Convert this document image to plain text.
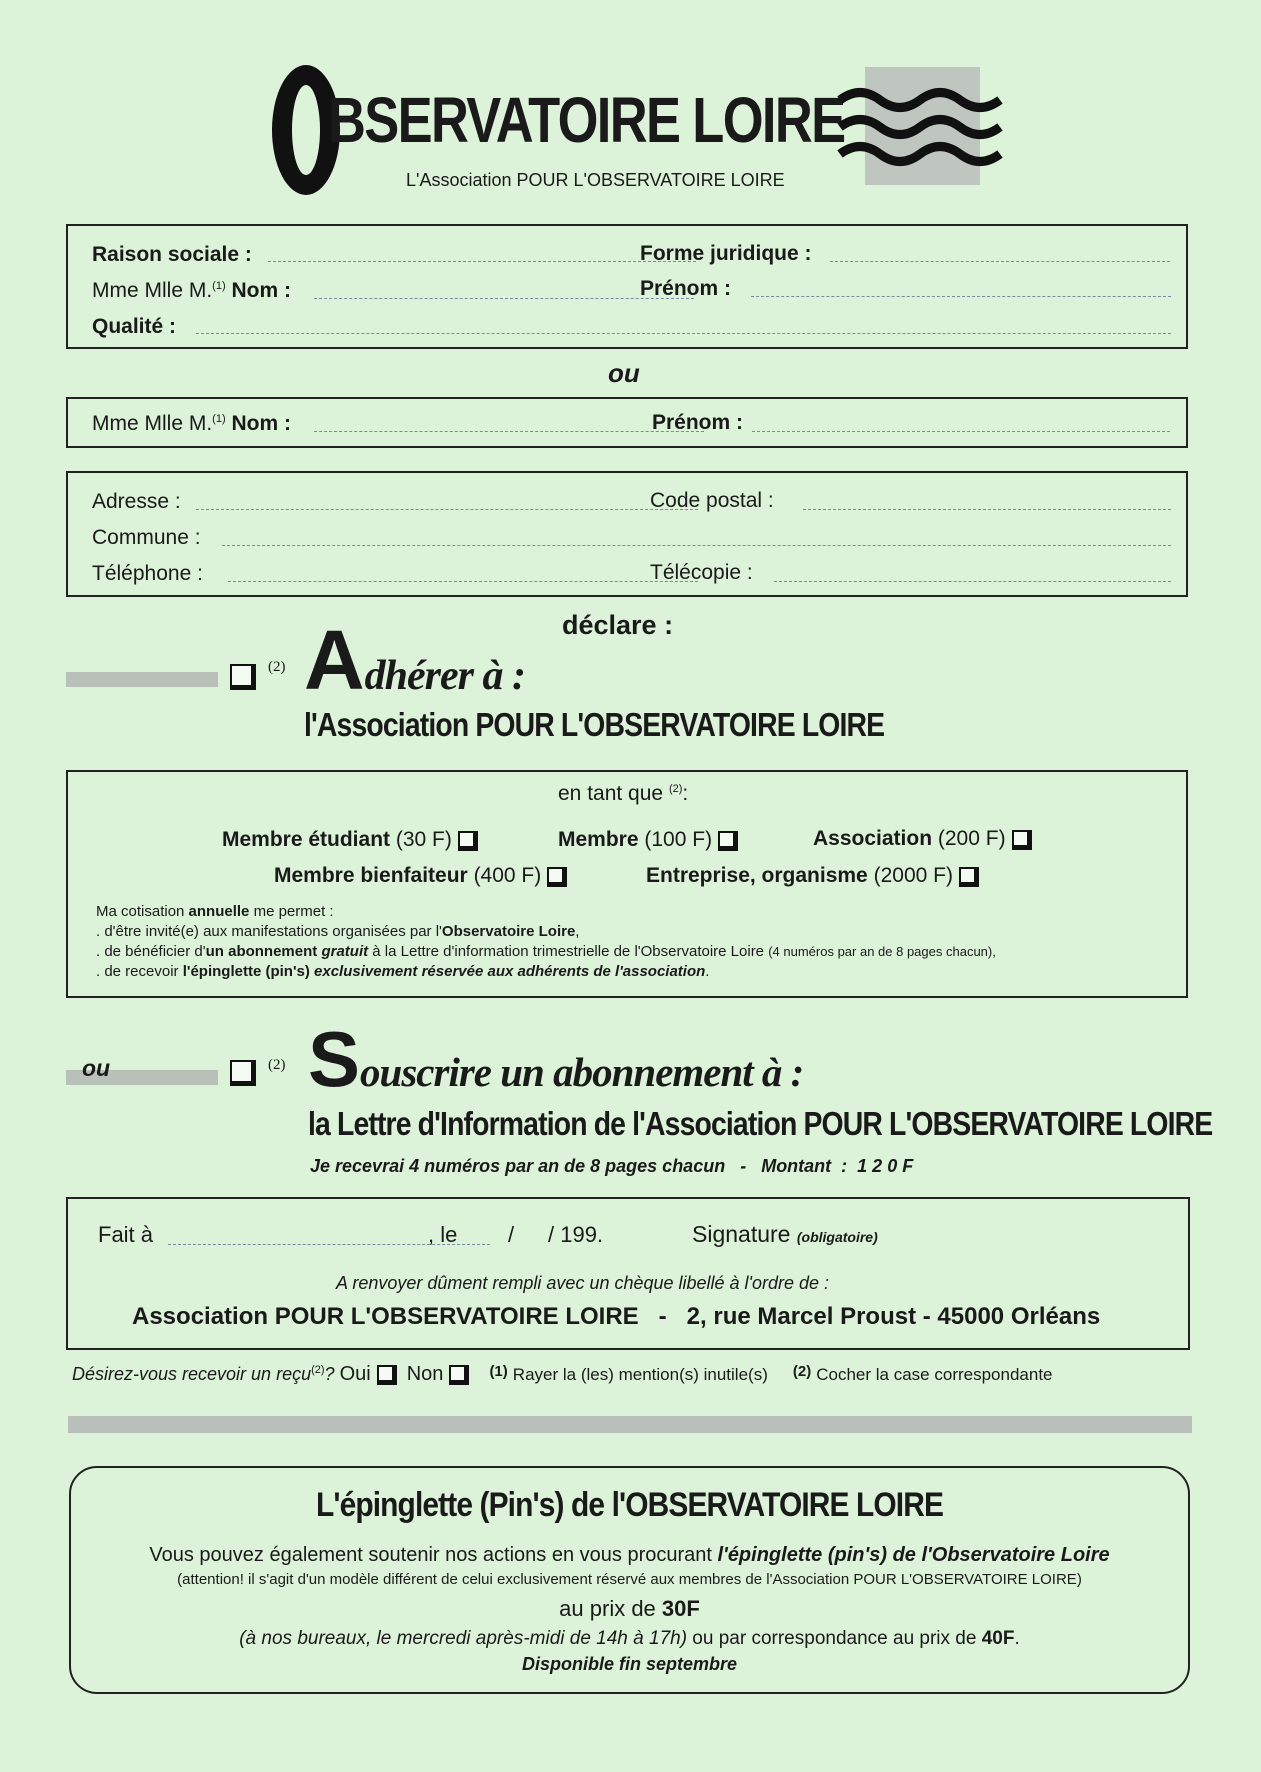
BSERVATOIRE LOIRE
L'Association POUR L'OBSERVATOIRE LOIRE
Raison sociale :	Forme juridique :
Mme Mlle M.$^{(1)}$ Nom :	Prénom :
Qualité :
ou
Mme Mlle M.$^{(1)}$ Nom :	Prénom :
Adresse :	Code postal :
Commune :
Téléphone :	Télécopie :
déclare :
(2) Adhérer à :
l'Association POUR L'OBSERVATOIRE LOIRE
en tant que $^{(2)}$:
Membre étudiant (30 F)	Membre (100 F)	Association (200 F)
Membre bienfaiteur (400 F)	Entreprise, organisme (2000 F)
Ma cotisation annuelle me permet :
. d'être invité(e) aux manifestations organisées par l'Observatoire Loire,
. de bénéficier d'un abonnement gratuit à la Lettre d'information trimestrielle de l'Observatoire Loire (4 numéros par an de 8 pages chacun),
. de recevoir l'épinglette (pin's) exclusivement réservée aux adhérents de l'association.
ou	(2) Souscrire un abonnement à :
la Lettre d'Information de l'Association POUR L'OBSERVATOIRE LOIRE
Je recevrai 4 numéros par an de 8 pages chacun   -   Montant  :  1 2 0 F
Fait à	, le / / 199.	Signature (obligatoire)
A renvoyer dûment rempli avec un chèque libellé à l'ordre de :
Association POUR L'OBSERVATOIRE LOIRE   -   2, rue Marcel Proust - 45000 Orléans
Désirez-vous recevoir un reçu$^{(2)}$? Oui Non	$^{(1)}$ Rayer la (les) mention(s) inutile(s) $^{(2)}$ Cocher la case correspondante
L'épinglette (Pin's) de l'OBSERVATOIRE LOIRE
Vous pouvez également soutenir nos actions en vous procurant l'épinglette (pin's) de l'Observatoire Loire
(attention! il s'agit d'un modèle différent de celui exclusivement réservé aux membres de l'Association POUR L'OBSERVATOIRE LOIRE)
au prix de 30F
(à nos bureaux, le mercredi après-midi de 14h à 17h) ou par correspondance au prix de 40F.
Disponible fin septembre
